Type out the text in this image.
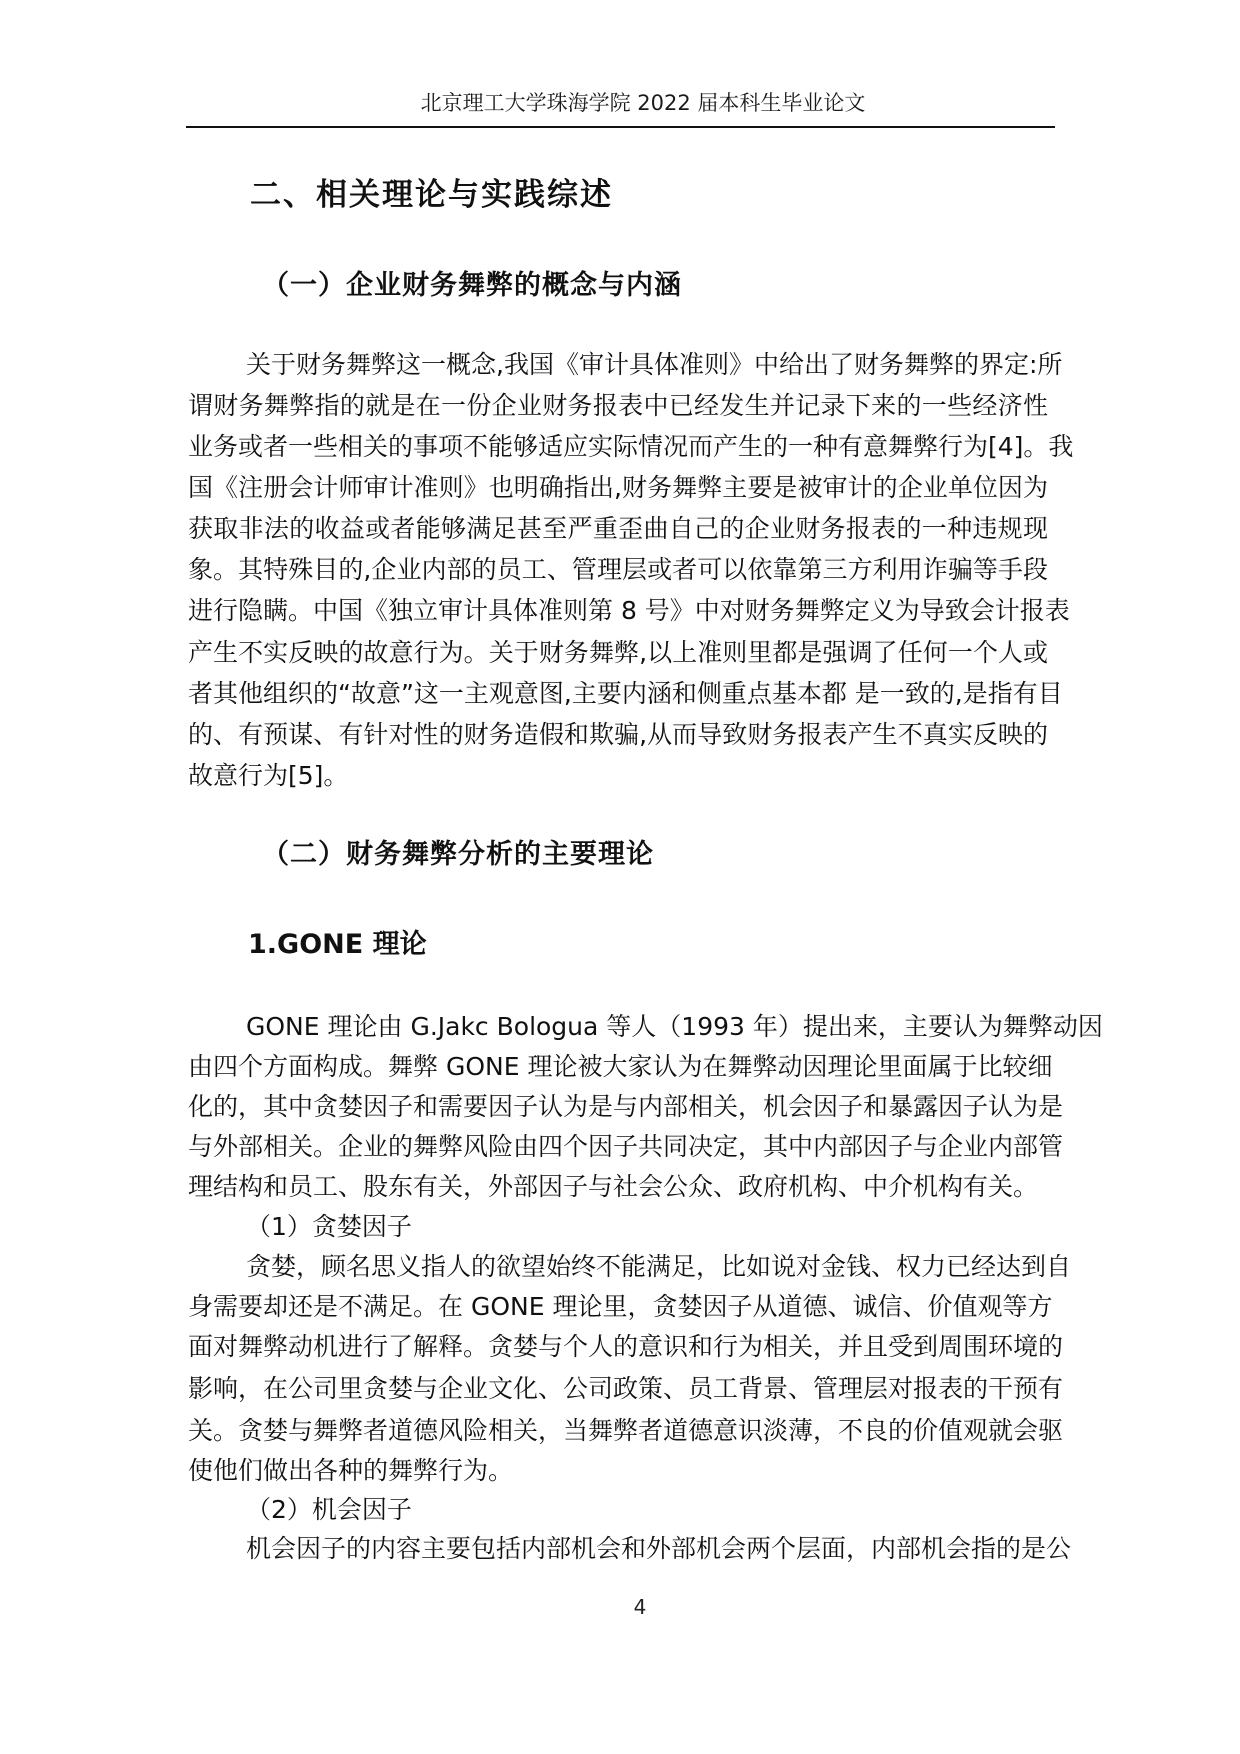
北京理工大学珠海学院 2022 届本科生毕业论文
二、相关理论与实践综述
（一）企业财务舞弊的概念与内涵
关于财务舞弊这一概念,我国《审计具体准则》中给出了财务舞弊的界定:所
谓财务舞弊指的就是在一份企业财务报表中已经发生并记录下来的一些经济性
业务或者一些相关的事项不能够适应实际情况而产生的一种有意舞弊行为[4]。我
国《注册会计师审计准则》也明确指出,财务舞弊主要是被审计的企业单位因为
获取非法的收益或者能够满足甚至严重歪曲自己的企业财务报表的一种违规现
象。其特殊目的,企业内部的员工、管理层或者可以依靠第三方利用诈骗等手段
进行隐瞒。中国《独立审计具体准则第 8 号》中对财务舞弊定义为导致会计报表
产生不实反映的故意行为。关于财务舞弊,以上准则里都是强调了任何一个人或
者其他组织的“故意”这一主观意图,主要内涵和侧重点基本都 是一致的,是指有目
的、有预谋、有针对性的财务造假和欺骗,从而导致财务报表产生不真实反映的
故意行为[5]。
（二）财务舞弊分析的主要理论
1.GONE 理论
GONE 理论由 G.Jakc Bologua 等人（1993 年）提出来，主要认为舞弊动因
由四个方面构成。舞弊 GONE 理论被大家认为在舞弊动因理论里面属于比较细
化的，其中贪婪因子和需要因子认为是与内部相关，机会因子和暴露因子认为是
与外部相关。企业的舞弊风险由四个因子共同决定，其中内部因子与企业内部管
理结构和员工、股东有关，外部因子与社会公众、政府机构、中介机构有关。
（1）贪婪因子
贪婪，顾名思义指人的欲望始终不能满足，比如说对金钱、权力已经达到自
身需要却还是不满足。在 GONE 理论里，贪婪因子从道德、诚信、价值观等方
面对舞弊动机进行了解释。贪婪与个人的意识和行为相关，并且受到周围环境的
影响，在公司里贪婪与企业文化、公司政策、员工背景、管理层对报表的干预有
关。贪婪与舞弊者道德风险相关，当舞弊者道德意识淡薄，不良的价值观就会驱
使他们做出各种的舞弊行为。
（2）机会因子
机会因子的内容主要包括内部机会和外部机会两个层面，内部机会指的是公
4
